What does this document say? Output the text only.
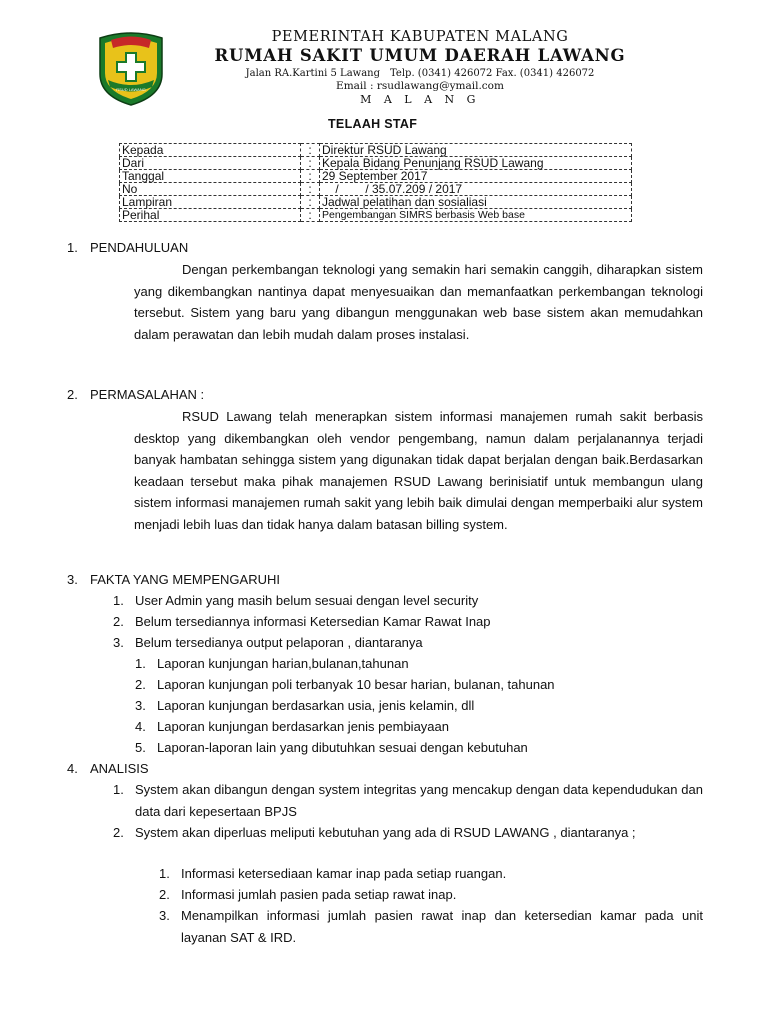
RSUD LAWANG
PEMERINTAH KABUPATEN MALANG
RUMAH SAKIT UMUM DAERAH LAWANG
Jalan RA.Kartini 5 Lawang Telp. (0341) 426072 Fax. (0341) 426072
Email : rsudlawang@ymail.com
M A L A N G
TELAAH STAF
Kepada	:	Direktur RSUD Lawang
Dari	:	Kepala Bidang Penunjang RSUD Lawang
Tanggal	:	29 September 2017
No	:	/        / 35.07.209 / 2017
Lampiran	:	Jadwal pelatihan dan sosialiasi
Perihal	:	Pengembangan SIMRS berbasis Web base
1. PENDAHULUAN

Dengan perkembangan teknologi yang semakin hari semakin canggih, diharapkan sistem yang dikembangkan nantinya dapat menyesuaikan dan memanfaatkan perkembangan teknologi tersebut. Sistem yang baru yang dibangun menggunakan web base sistem akan memudahkan dalam perawatan dan lebih mudah dalam proses instalasi.

2. PERMASALAHAN :

RSUD Lawang telah menerapkan sistem informasi manajemen rumah sakit berbasis desktop yang dikembangkan oleh vendor pengembang, namun dalam perjalanannya terjadi banyak hambatan sehingga sistem yang digunakan tidak dapat berjalan dengan baik.Berdasarkan keadaan tersebut maka pihak manajemen RSUD Lawang berinisiatif untuk membangun ulang sistem informasi manajemen rumah sakit yang lebih baik dimulai dengan memperbaiki alur system menjadi lebih luas dan tidak hanya dalam batasan billing system.

3. FAKTA YANG MEMPENGARUHI
1. User Admin yang masih belum sesuai dengan level security
2. Belum tersediannya informasi Ketersedian Kamar Rawat Inap
3. Belum tersedianya output pelaporan , diantaranya
1. Laporan kunjungan harian,bulanan,tahunan
2. Laporan kunjungan poli terbanyak 10 besar harian, bulanan, tahunan
3. Laporan kunjungan berdasarkan usia, jenis kelamin, dll
4. Laporan kunjungan berdasarkan jenis pembiayaan
5. Laporan-laporan lain yang dibutuhkan sesuai dengan kebutuhan
4. ANALISIS

1. System akan dibangun dengan system integritas yang mencakup dengan data kependudukan dan data dari kepesertaan BPJS

2. System akan diperluas meliputi kebutuhan yang ada di RSUD LAWANG , diantaranya ;

1. Informasi ketersediaan kamar inap pada setiap ruangan.
2. Informasi jumlah pasien pada setiap rawat inap.

3. Menampilkan informasi jumlah pasien rawat inap dan ketersedian kamar pada unit layanan SAT & IRD.
